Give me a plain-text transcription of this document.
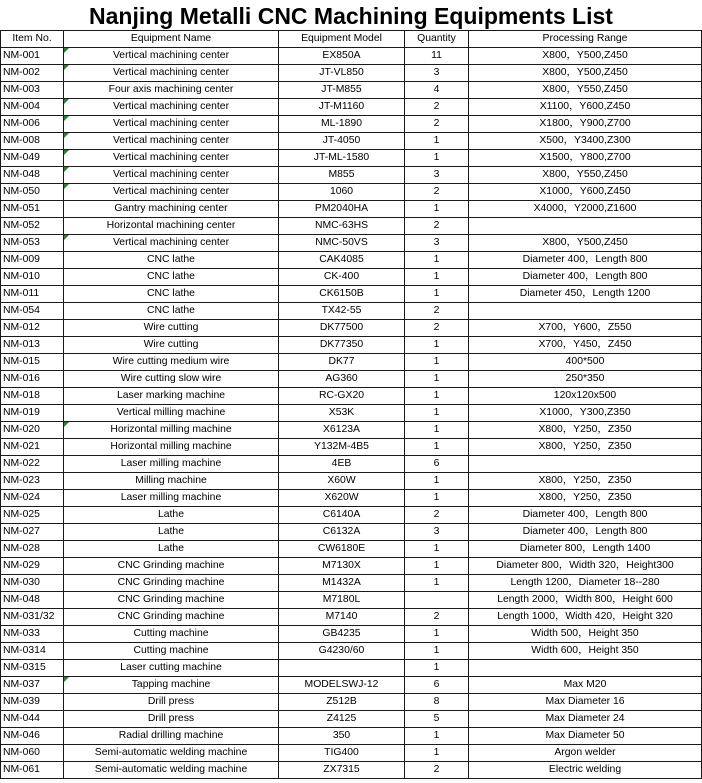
Nanjing Metalli CNC Machining Equipments List
Item No.	Equipment Name	Equipment Model	Quantity	Processing Range
NM-001	Vertical machining center	EX850A	11	X800，Y500,Z450
NM-002	Vertical machining center	JT-VL850	3	X800，Y500,Z450
NM-003	Four axis machining center	JT-M855	4	X800，Y550,Z450
NM-004	Vertical machining center	JT-M1160	2	X1100，Y600,Z450
NM-006	Vertical machining center	ML-1890	2	X1800，Y900,Z700
NM-008	Vertical machining center	JT-4050	1	X500，Y3400,Z300
NM-049	Vertical machining center	JT-ML-1580	1	X1500，Y800,Z700
NM-048	Vertical machining center	M855	3	X800，Y550,Z450
NM-050	Vertical machining center	1060	2	X1000，Y600,Z450
NM-051	Gantry machining center	PM2040HA	1	X4000，Y2000,Z1600
NM-052	Horizontal machining center	NMC-63HS	2	
NM-053	Vertical machining center	NMC-50VS	3	X800，Y500,Z450
NM-009	CNC lathe	CAK4085	1	Diameter 400，Length 800
NM-010	CNC lathe	CK-400	1	Diameter 400，Length 800
NM-011	CNC lathe	CK6150B	1	Diameter 450，Length 1200
NM-054	CNC lathe	TX42-55	2	
NM-012	Wire cutting	DK77500	2	X700，Y600，Z550
NM-013	Wire cutting	DK77350	1	X700，Y450，Z450
NM-015	Wire cutting medium wire	DK77	1	400*500
NM-016	Wire cutting slow wire	AG360	1	250*350
NM-018	Laser marking machine	RC-GX20	1	120x120x500
NM-019	Vertical milling machine	X53K	1	X1000，Y300,Z350
NM-020	Horizontal milling machine	X6123A	1	X800，Y250，Z350
NM-021	Horizontal milling machine	Y132M-4B5	1	X800，Y250，Z350
NM-022	Laser milling machine	4EB	6	
NM-023	Milling machine	X60W	1	X800，Y250，Z350
NM-024	Laser milling machine	X620W	1	X800，Y250，Z350
NM-025	Lathe	C6140A	2	Diameter 400，Length 800
NM-027	Lathe	C6132A	3	Diameter 400，Length 800
NM-028	Lathe	CW6180E	1	Diameter 800，Length 1400
NM-029	CNC Grinding machine	M7130X	1	Diameter 800，Width 320，Height300
NM-030	CNC Grinding machine	M1432A	1	Length 1200，Diameter 18--280
NM-048	CNC Grinding machine	M7180L		Length 2000，Width 800，Height 600
NM-031/32	CNC Grinding machine	M7140	2	Length 1000，Width 420，Height 320
NM-033	Cutting machine	GB4235	1	Width 500，Height 350
NM-0314	Cutting machine	G4230/60	1	Width 600，Height 350
NM-0315	Laser cutting machine		1	
NM-037	Tapping machine	MODELSWJ-12	6	Max M20
NM-039	Drill press	Z512B	8	Max Diameter 16
NM-044	Drill press	Z4125	5	Max Diameter 24
NM-046	Radial drilling machine	350	1	Max Diameter 50
NM-060	Semi-automatic welding machine	TIG400	1	Argon welder
NM-061	Semi-automatic welding machine	ZX7315	2	Electric welding
